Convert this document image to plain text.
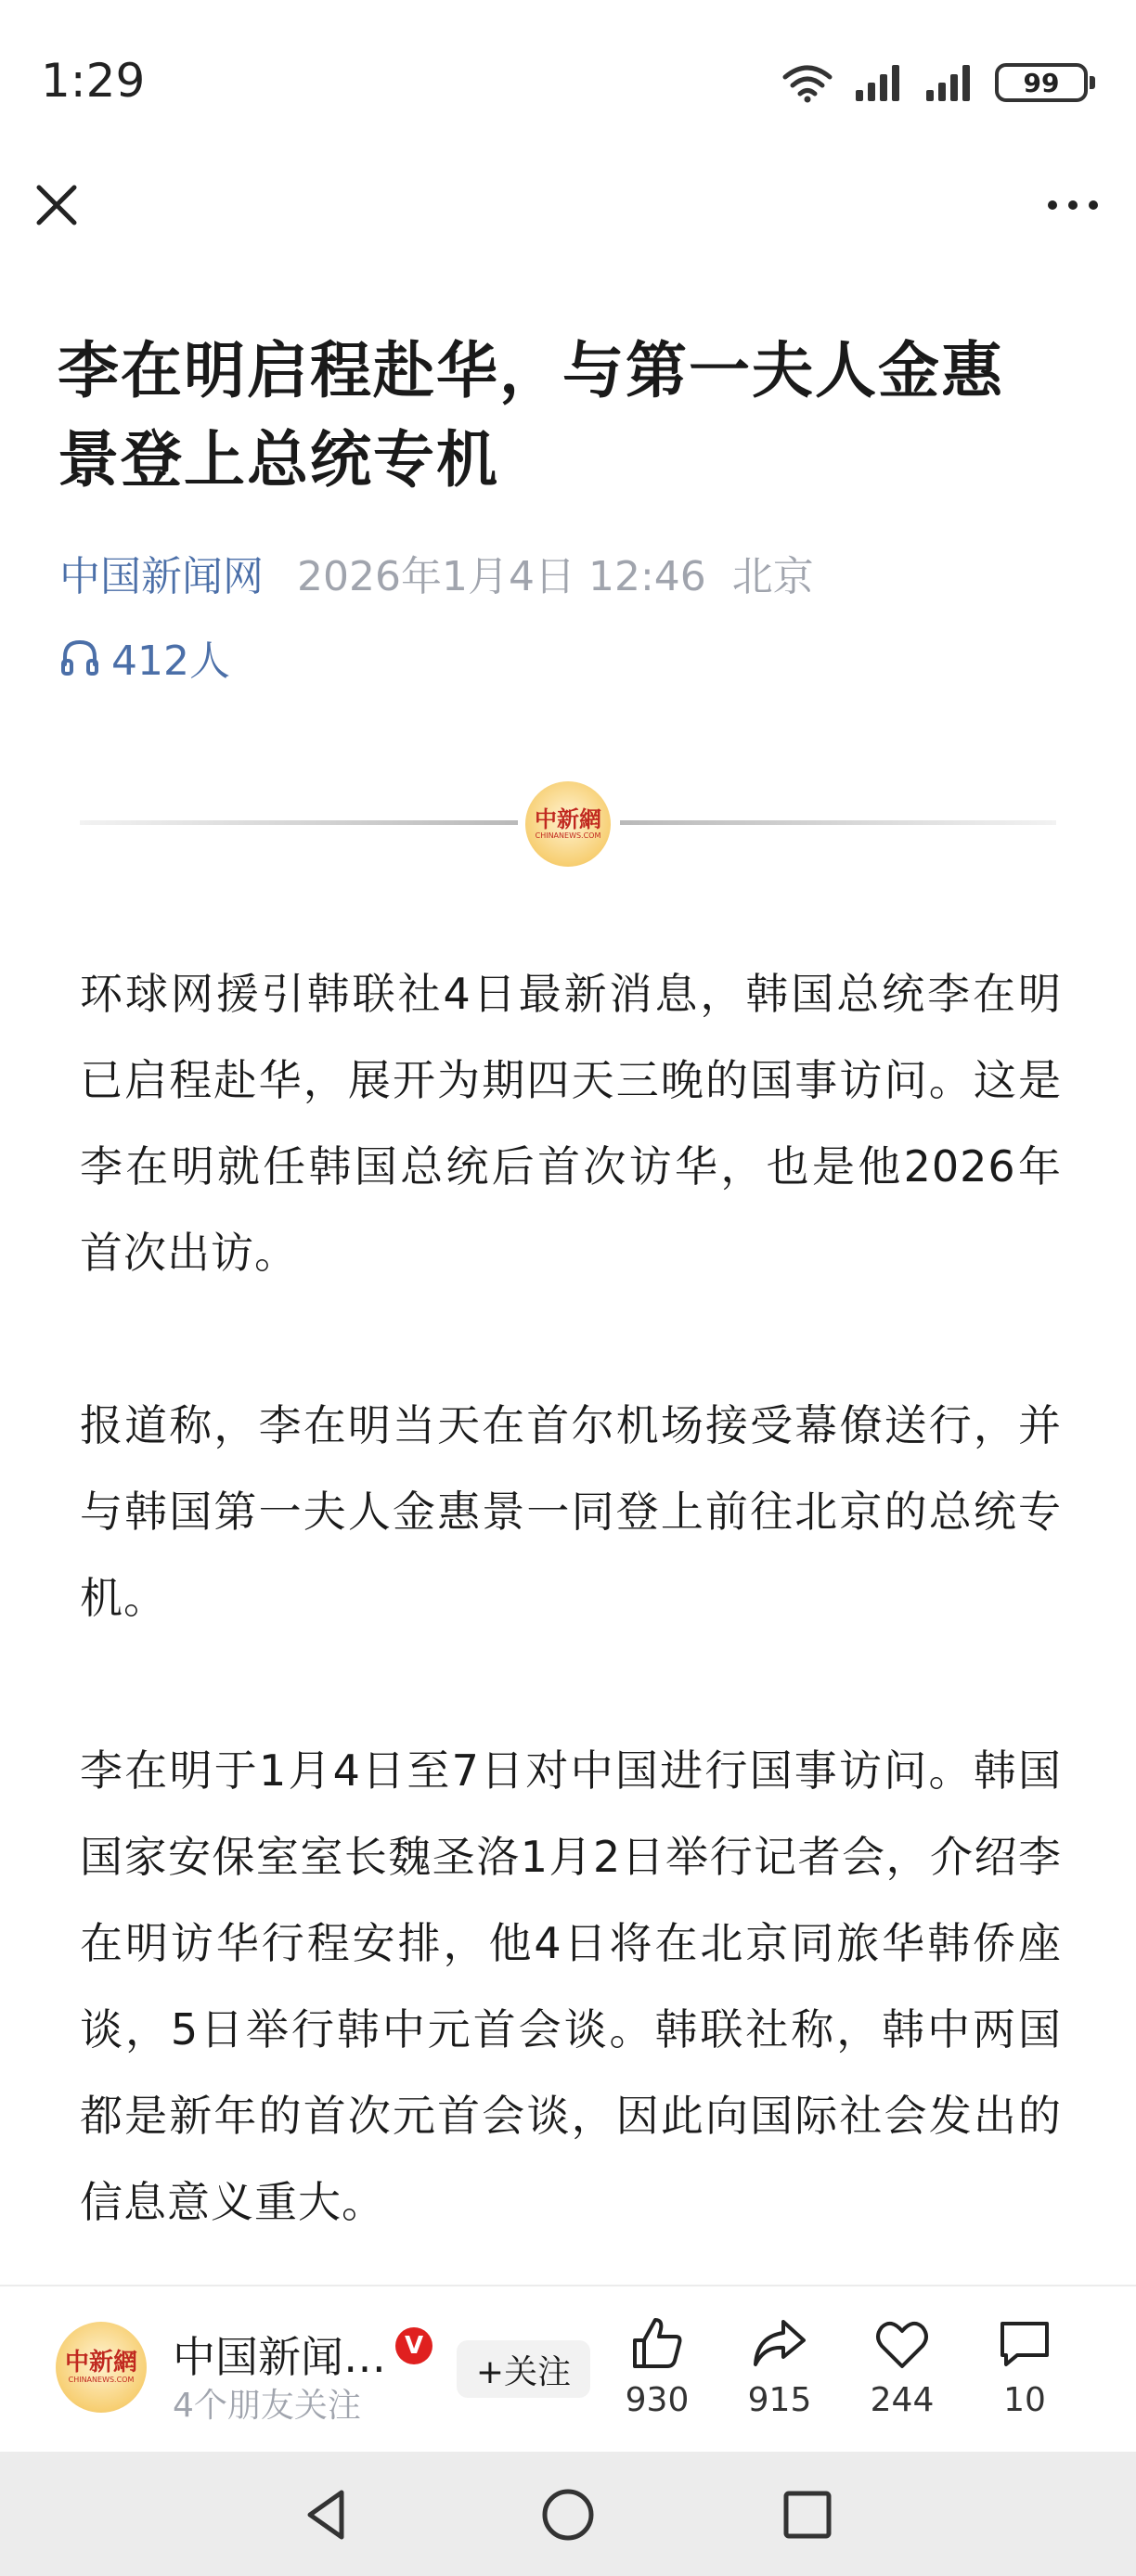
1:29	99
李在明启程赴华，与第一夫人金惠景登上总统专机
中国新闻网 2026年1月4日 12:46 北京
412人
中新網
CHINANEWS.COM

环球网援引韩联社4日最新消息，韩国总统李在明已启程赴华，展开为期四天三晚的国事访问。这是李在明就任韩国总统后首次访华，也是他2026年首次出访。

报道称，李在明当天在首尔机场接受幕僚送行，并与韩国第一夫人金惠景一同登上前往北京的总统专机。

李在明于1月4日至7日对中国进行国事访问。韩国国家安保室室长魏圣洛1月2日举行记者会，介绍李在明访华行程安排，他4日将在北京同旅华韩侨座谈，5日举行韩中元首会谈。韩联社称，韩中两国都是新年的首次元首会谈，因此向国际社会发出的信息意义重大。

中新網
CHINANEWS.COM 中国新闻… V
4个朋友关注
+关注
930 915 244 10
